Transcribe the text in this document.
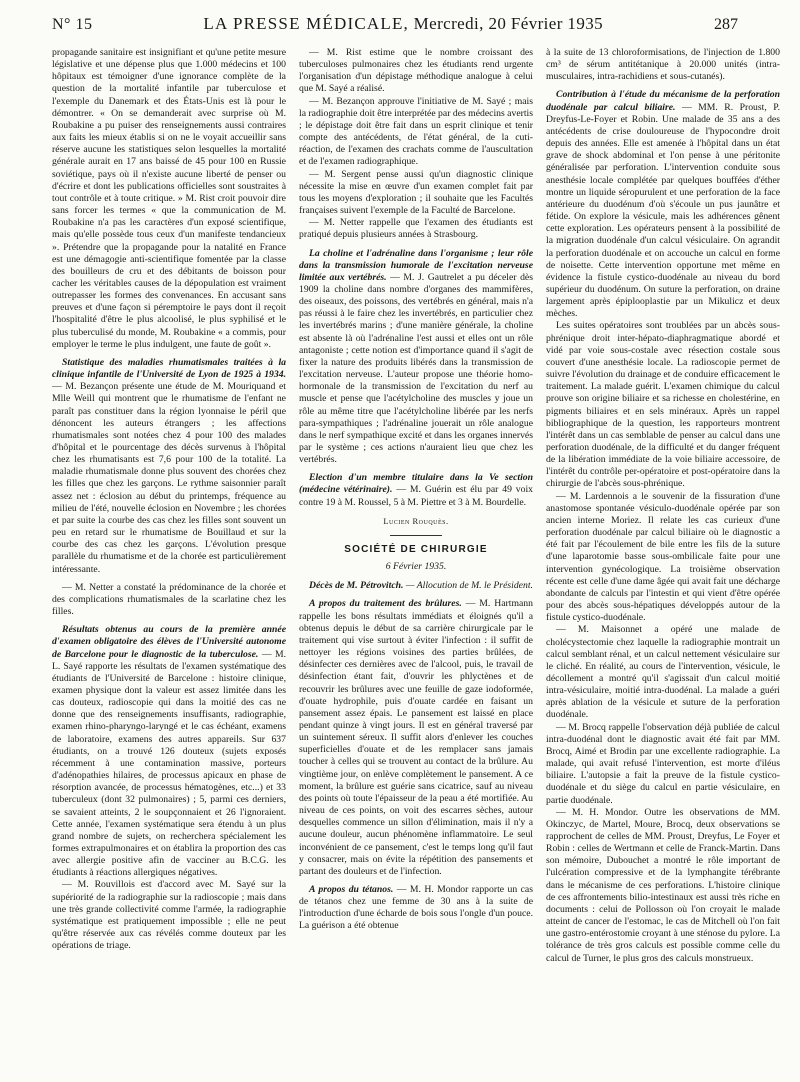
N° 15	LA PRESSE MÉDICALE, Mercredi, 20 Février 1935	287

propagande sanitaire est insignifiant et qu'une petite mesure législative et une dépense plus que 1.000 médecins et 100 hôpitaux est témoigner d'une ignorance complète de la question de la mortalité infantile par tuberculose et l'exemple du Danemark et des États-Unis est là pour le démontrer. « On se demanderait avec surprise où M. Roubakine a pu puiser des renseignements aussi contraires aux faits les mieux établis si on ne le voyait accueillir sans réserve aucune les statistiques selon lesquelles la mortalité générale aurait en 17 ans baissé de 45 pour 100 en Russie soviétique, pays où il n'existe aucune liberté de penser ou d'écrire et dont les publications officielles sont soustraites à tout contrôle et à toute critique. » M. Rist croit pouvoir dire sans forcer les termes « que la communication de M. Roubakine n'a pas les caractères d'un exposé scientifique, mais qu'elle possède tous ceux d'un manifeste tendancieux ». Prétendre que la propagande pour la natalité en France est une démagogie anti-scientifique fomentée par la classe des bouilleurs de cru et des débitants de boisson pour cacher les véritables causes de la dépopulation est vraiment outrepasser les formes des convenances. En accusant sans preuves et d'une façon si péremptoire le pays dont il reçoit l'hospitalité d'être le plus alcoolisé, le plus syphilisé et le plus tuberculisé du monde, M. Roubakine « a commis, pour employer le terme le plus indulgent, une faute de goût ».

Statistique des maladies rhumatismales traitées à la clinique infantile de l'Université de Lyon de 1925 à 1934. — M. Bezançon présente une étude de M. Mouriquand et Mlle Weill qui montrent que le rhumatisme de l'enfant ne paraît pas constituer dans la région lyonnaise le péril que dénoncent les auteurs étrangers ; les affections rhumatismales sont notées chez 4 pour 100 des malades d'hôpital et le pourcentage des décès survenus à l'hôpital chez les rhumatisants est 7,6 pour 100 de la totalité. La maladie rhumatismale donne plus souvent des chorées chez les filles que chez les garçons. Le rythme saisonnier paraît assez net : éclosion au début du printemps, fréquence au milieu de l'été, nouvelle éclosion en Novembre ; les chorées et par suite la courbe des cas chez les filles sont souvent un peu en retard sur le rhumatisme de Bouillaud et sur la courbe des cas chez les garçons. L'évolution presque parallèle du rhumatisme et de la chorée est particulièrement intéressante.

— M. Netter a constaté la prédominance de la chorée et des complications rhumatismales de la scarlatine chez les filles.

Résultats obtenus au cours de la première année d'examen obligatoire des élèves de l'Université autonome de Barcelone pour le diagnostic de la tuberculose. — M. L. Sayé rapporte les résultats de l'examen systématique des étudiants de l'Université de Barcelone : histoire clinique, examen physique dont la valeur est assez limitée dans les cas douteux, radioscopie qui dans la moitié des cas ne donne que des renseignements insuffisants, radiographie, examen rhino-pharyngo-laryngé et le cas échéant, examens de laboratoire, examens des autres appareils. Sur 637 étudiants, on a trouvé 126 douteux (sujets exposés récemment à une contamination massive, porteurs d'adénopathies hilaires, de processus apicaux en phase de résorption avancée, de processus hématogènes, etc...) et 33 tuberculeux (dont 32 pulmonaires) ; 5, parmi ces derniers, se savaient atteints, 2 le soupçonnaient et 26 l'ignoraient. Cette année, l'examen systématique sera étendu à un plus grand nombre de sujets, on recherchera spécialement les formes extrapulmonaires et on établira la proportion des cas avec allergie positive afin de vacciner au B.C.G. les étudiants à réactions allergiques négatives.

— M. Rouvillois est d'accord avec M. Sayé sur la supériorité de la radiographie sur la radioscopie ; mais dans une très grande collectivité comme l'armée, la radiographie systématique est pratiquement impossible ; elle ne peut qu'être réservée aux cas révélés comme douteux par les opérations de triage.

— M. Rist estime que le nombre croissant des tuberculoses pulmonaires chez les étudiants rend urgente l'organisation d'un dépistage méthodique analogue à celui que M. Sayé a réalisé.

— M. Bezançon approuve l'initiative de M. Sayé ; mais la radiographie doit être interprétée par des médecins avertis ; le dépistage doit être fait dans un esprit clinique et tenir compte des antécédents, de l'état général, de la cuti-réaction, de l'examen des crachats comme de l'auscultation et de l'examen radiographique.

— M. Sergent pense aussi qu'un diagnostic clinique nécessite la mise en œuvre d'un examen complet fait par tous les moyens d'exploration ; il souhaite que les Facultés françaises suivent l'exemple de la Faculté de Barcelone.

— M. Netter rappelle que l'examen des étudiants est pratiqué depuis plusieurs années à Strasbourg.

La choline et l'adrénaline dans l'organisme ; leur rôle dans la transmission humorale de l'excitation nerveuse limitée aux vertébrés. — M. J. Gautrelet a pu déceler dès 1909 la choline dans nombre d'organes des mammifères, des oiseaux, des poissons, des vertébrés en général, mais n'a pas réussi à le faire chez les invertébrés, en particulier chez les invertébrés marins ; d'une manière générale, la choline est absente là où l'adrénaline l'est aussi et elles ont un rôle antagoniste ; cette notion est d'importance quand il s'agit de fixer la nature des produits libérés dans la transmission de l'excitation nerveuse. L'auteur propose une théorie homo-hormonale de la transmission de l'excitation du nerf au muscle et pense que l'acétylcholine des muscles y joue un rôle au même titre que l'acétylcholine libérée par les nerfs para-sympathiques ; l'adrénaline jouerait un rôle analogue dans le nerf sympathique excité et dans les organes innervés par le système ; ces actions n'auraient lieu que chez les vertébrés.

Election d'un membre titulaire dans la Ve section (médecine vétérinaire). — M. Guérin est élu par 49 voix contre 19 à M. Roussel, 5 à M. Piettre et 3 à M. Bourdelle.

Lucien Rouquès.
SOCIÉTÉ DE CHIRURGIE
6 Février 1935.

Décès de M. Pétrovitch. — Allocution de M. le Président.

A propos du traitement des brûlures. — M. Hartmann rappelle les bons résultats immédiats et éloignés qu'il a obtenus depuis le début de sa carrière chirurgicale par le traitement qui vise surtout à éviter l'infection : il suffit de nettoyer les régions voisines des parties brûlées, de désinfecter ces dernières avec de l'alcool, puis, le travail de désinfection étant fait, d'ouvrir les phlyctènes et de recouvrir les brûlures avec une feuille de gaze iodoformée, d'ouate hydrophile, puis d'ouate cardée en faisant un pansement assez épais. Le pansement est laissé en place pendant quinze à vingt jours. Il est en général traversé par un suintement séreux. Il suffit alors d'enlever les couches superficielles d'ouate et de les remplacer sans jamais toucher à celles qui se trouvent au contact de la brûlure. Au vingtième jour, on enlève complètement le pansement. A ce moment, la brûlure est guérie sans cicatrice, sauf au niveau des points où toute l'épaisseur de la peau a été mortifiée. Au niveau de ces points, on voit des escarres sèches, autour desquelles commence un sillon d'élimination, mais il n'y a aucune douleur, aucun phénomène inflammatoire. Le seul inconvénient de ce pansement, c'est le temps long qu'il faut y consacrer, mais on évite la répétition des pansements et partant des douleurs et de l'infection.

A propos du tétanos. — M. H. Mondor rapporte un cas de tétanos chez une femme de 30 ans à la suite de l'introduction d'une écharde de bois sous l'ongle d'un pouce. La guérison a été obtenue

à la suite de 13 chloroformisations, de l'injection de 1.800 cm³ de sérum antitétanique à 20.000 unités (intra-musculaires, intra-rachidiens et sous-cutanés).

Contribution à l'étude du mécanisme de la perforation duodénale par calcul biliaire. — MM. R. Proust, P. Dreyfus-Le-Foyer et Robin. Une malade de 35 ans a des antécédents de crise douloureuse de l'hypocondre droit depuis des années. Elle est amenée à l'hôpital dans un état grave de shock abdominal et l'on pense à une péritonite généralisée par perforation. L'intervention conduite sous anesthésie locale complétée par quelques bouffées d'éther montre un liquide séropurulent et une perforation de la face antérieure du duodénum d'où s'écoule un pus jaunâtre et fétide. On explore la vésicule, mais les adhérences gênent cette exploration. Les opérateurs pensent à la possibilité de la migration duodénale d'un calcul vésiculaire. On agrandit la perforation duodénale et on accouche un calcul en forme de noisette. Cette intervention opportune met même en évidence la fistule cystico-duodénale au niveau du bord supérieur du duodénum. On suture la perforation, on draine largement après épiplooplastie par un Mikulicz et deux mèches.

Les suites opératoires sont troublées par un abcès sous-phrénique droit inter-hépato-diaphragmatique abordé et vidé par voie sous-costale avec résection costale sous couvert d'une anesthésie locale. La radioscopie permet de suivre l'évolution du drainage et de conduire efficacement le traitement. La malade guérit. L'examen chimique du calcul prouve son origine biliaire et sa richesse en cholestérine, en pigments biliaires et en sels minéraux. Après un rappel bibliographique de la question, les rapporteurs montrent l'intérêt dans un cas semblable de penser au calcul dans une perforation duodénale, de la difficulté et du danger fréquent de la libération immédiate de la voie biliaire accessoire, de l'intérêt du contrôle per-opératoire et post-opératoire dans la chirurgie de l'abcès sous-phrénique.

— M. Lardennois a le souvenir de la fissuration d'une anastomose spontanée vésiculo-duodénale opérée par son ancien interne Moriez. Il relate les cas curieux d'une perforation duodénale par calcul biliaire où le diagnostic a été fait par l'écoulement de bile entre les fils de la suture d'une laparotomie basse sous-ombilicale faite pour une intervention gynécologique. La troisième observation récente est celle d'une dame âgée qui avait fait une décharge abondante de calculs par l'intestin et qui vient d'être opérée pour des abcès sous-hépatiques développés autour de la fistule cystico-duodénale.

— M. Maisonnet a opéré une malade de cholécystectomie chez laquelle la radiographie montrait un calcul semblant rénal, et un calcul nettement vésiculaire sur le cliché. En réalité, au cours de l'intervention, vésicule, le décollement a montré qu'il s'agissait d'un calcul moitié intra-vésiculaire, moitié intra-duodénal. La malade a guéri après ablation de la vésicule et suture de la perforation duodénale.

— M. Brocq rappelle l'observation déjà publiée de calcul intra-duodénal dont le diagnostic avait été fait par MM. Brocq, Aimé et Brodin par une excellente radiographie. La malade, qui avait refusé l'intervention, est morte d'iléus biliaire. L'autopsie a fait la preuve de la fistule cystico-duodénale et du siège du calcul en partie vésiculaire, en partie duodénale.

— M. H. Mondor. Outre les observations de MM. Okinczyc, de Martel, Moure, Brocq, deux observations se rapprochent de celles de MM. Proust, Dreyfus, Le Foyer et Robin : celles de Wertmann et celle de Franck-Martin. Dans son mémoire, Dubouchet a montré le rôle important de l'ulcération compressive et de la lymphangite térébrante dans le mécanisme de ces perforations. L'histoire clinique de ces affrontements bilio-intestinaux est aussi très riche en documents : celui de Pollosson où l'on croyait le malade atteint de cancer de l'estomac, le cas de Mitchell où l'on fait une gastro-entérostomie croyant à une sténose du pylore. La tolérance de très gros calculs est possible comme celle du calcul de Turner, le plus gros des calculs monstrueux.
